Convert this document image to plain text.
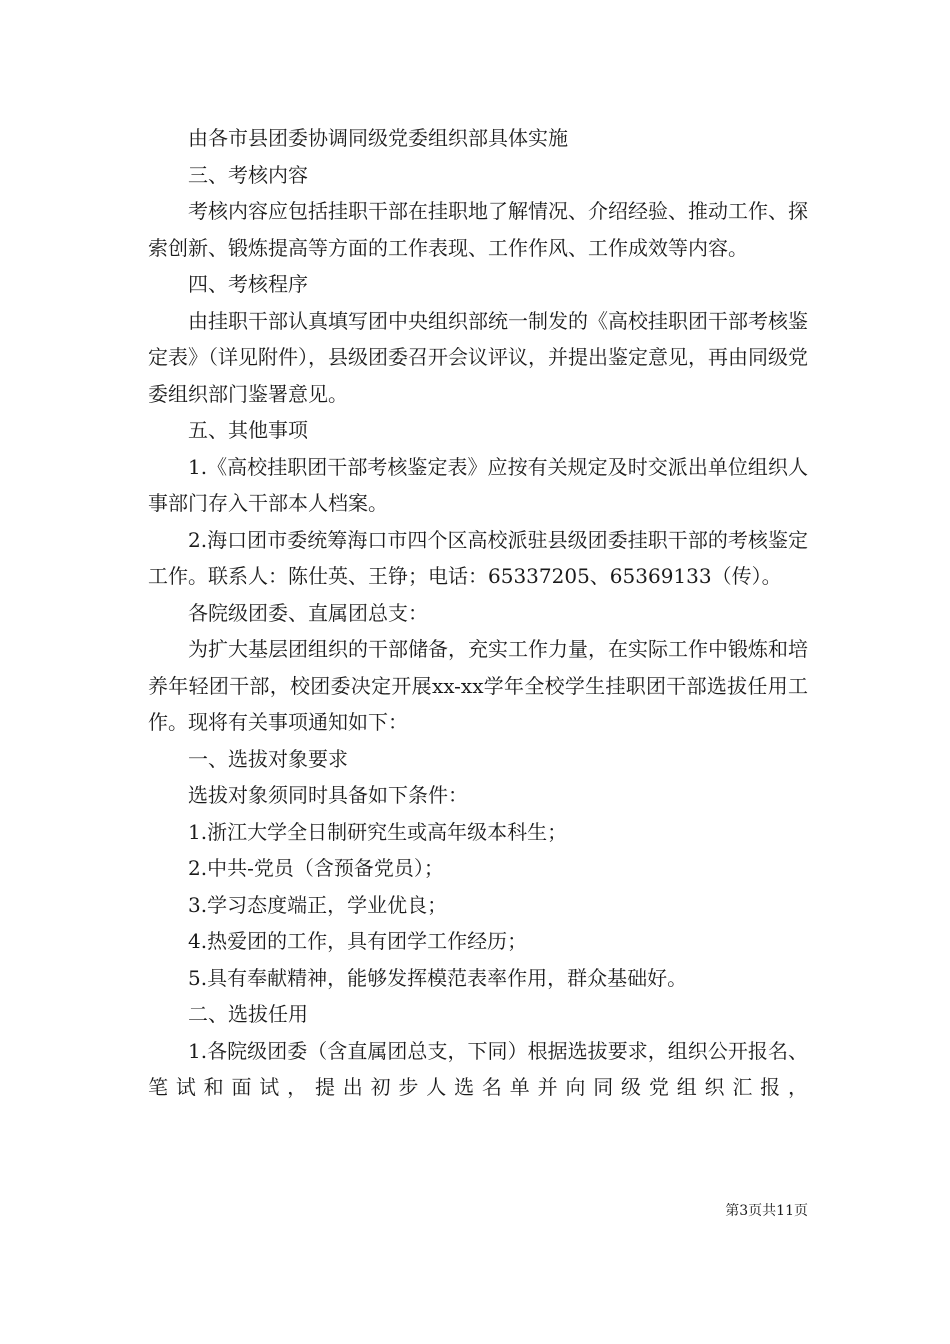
由各市县团委协调同级党委组织部具体实施

三、考核内容

考核内容应包括挂职干部在挂职地了解情况、介绍经验、推动工作、探索创新、锻炼提高等方面的工作表现、工作作风、工作成效等内容。

四、考核程序

由挂职干部认真填写团中央组织部统一制发的《高校挂职团干部考核鉴定表》（详见附件），县级团委召开会议评议，并提出鉴定意见，再由同级党委组织部门鉴署意见。

五、其他事项

1.《高校挂职团干部考核鉴定表》应按有关规定及时交派出单位组织人事部门存入干部本人档案。

2.海口团市委统筹海口市四个区高校派驻县级团委挂职干部的考核鉴定工作。联系人：陈仕英、王铮；电话：65337205、65369133（传）。

各院级团委、直属团总支：

为扩大基层团组织的干部储备，充实工作力量，在实际工作中锻炼和培养年轻团干部，校团委决定开展xx-xx学年全校学生挂职团干部选拔任用工作。现将有关事项通知如下：

一、选拔对象要求

选拔对象须同时具备如下条件：

1.浙江大学全日制研究生或高年级本科生；

2.中共-党员（含预备党员）；

3.学习态度端正，学业优良；

4.热爱团的工作，具有团学工作经历；

5.具有奉献精神，能够发挥模范表率作用，群众基础好。

二、选拔任用

1.各院级团委（含直属团总支，下同）根据选拔要求，组织公开报名、笔试和面试，提出初步人选名单并向同级党组织汇报，

第3页共11页
